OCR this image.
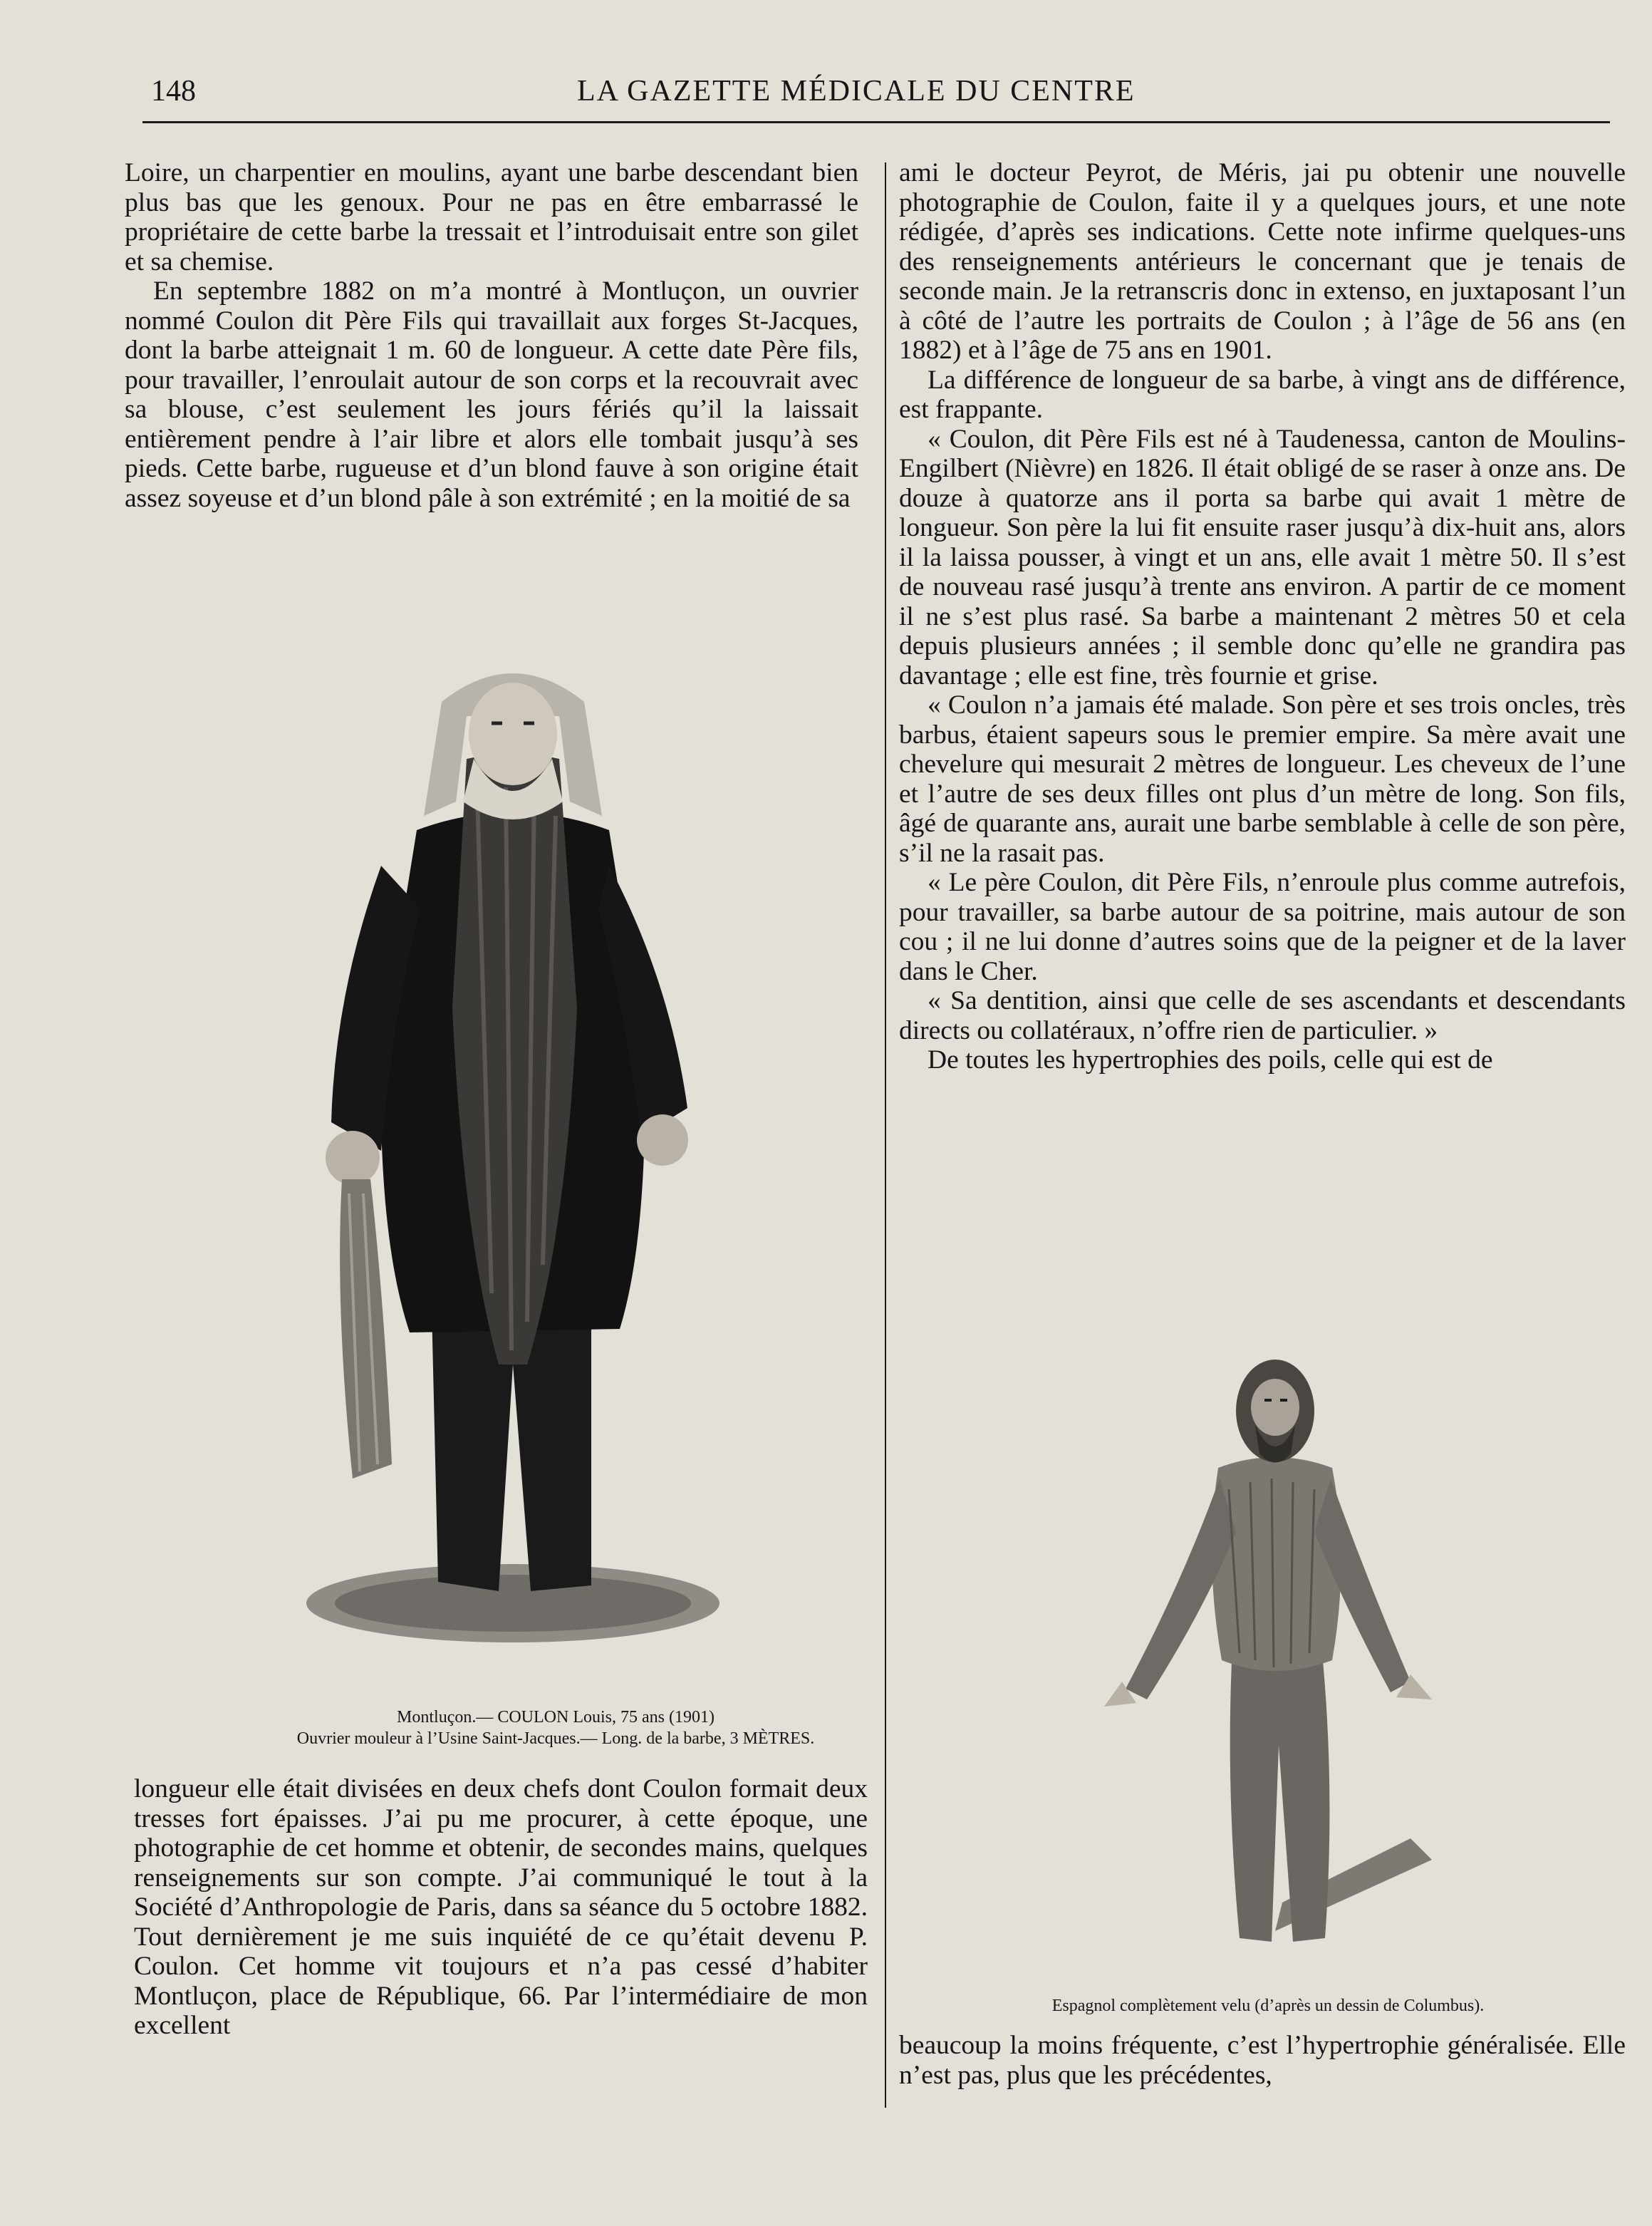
148	LA GAZETTE MÉDICALE DU CENTRE

Loire, un charpentier en moulins, ayant une barbe descendant bien plus bas que les genoux. Pour ne pas en être embarrassé le propriétaire de cette barbe la tressait et l’introduisait entre son gilet et sa chemise.

En septembre 1882 on m’a montré à Montluçon, un ouvrier nommé Coulon dit Père Fils qui travaillait aux forges St-Jacques, dont la barbe atteignait 1 m. 60 de longueur. A cette date Père fils, pour travailler, l’enroulait autour de son corps et la recouvrait avec sa blouse, c’est seulement les jours fériés qu’il la laissait entièrement pendre à l’air libre et alors elle tombait jusqu’à ses pieds. Cette barbe, rugueuse et d’un blond fauve à son origine était assez soyeuse et d’un blond pâle à son extrémité ; en la moitié de sa

Montluçon.— COULON Louis, 75 ans (1901)
Ouvrier mouleur à l’Usine Saint-Jacques.— Long. de la barbe, 3 MÈTRES.

longueur elle était divisées en deux chefs dont Coulon formait deux tresses fort épaisses. J’ai pu me procurer, à cette époque, une photographie de cet homme et obtenir, de secondes mains, quelques renseignements sur son compte. J’ai communiqué le tout à la Société d’Anthropologie de Paris, dans sa séance du 5 octobre 1882. Tout dernièrement je me suis inquiété de ce qu’était devenu P. Coulon. Cet homme vit toujours et n’a pas cessé d’habiter Montluçon, place de République, 66. Par l’intermédiaire de mon excellent

ami le docteur Peyrot, de Méris, jai pu obtenir une nouvelle photographie de Coulon, faite il y a quelques jours, et une note rédigée, d’après ses indications. Cette note infirme quelques-uns des renseignements antérieurs le concernant que je tenais de seconde main. Je la retranscris donc in extenso, en juxtaposant l’un à côté de l’autre les portraits de Coulon ; à l’âge de 56 ans (en 1882) et à l’âge de 75 ans en 1901.

La différence de longueur de sa barbe, à vingt ans de différence, est frappante.

« Coulon, dit Père Fils est né à Taudenessa, canton de Moulins-Engilbert (Nièvre) en 1826. Il était obligé de se raser à onze ans. De douze à quatorze ans il porta sa barbe qui avait 1 mètre de longueur. Son père la lui fit ensuite raser jusqu’à dix-huit ans, alors il la laissa pousser, à vingt et un ans, elle avait 1 mètre 50. Il s’est de nouveau rasé jusqu’à trente ans environ. A partir de ce moment il ne s’est plus rasé. Sa barbe a maintenant 2 mètres 50 et cela depuis plusieurs années ; il semble donc qu’elle ne grandira pas davantage ; elle est fine, très fournie et grise.

« Coulon n’a jamais été malade. Son père et ses trois oncles, très barbus, étaient sapeurs sous le premier empire. Sa mère avait une chevelure qui mesurait 2 mètres de longueur. Les cheveux de l’une et l’autre de ses deux filles ont plus d’un mètre de long. Son fils, âgé de quarante ans, aurait une barbe semblable à celle de son père, s’il ne la rasait pas.

« Le père Coulon, dit Père Fils, n’enroule plus comme autrefois, pour travailler, sa barbe autour de sa poitrine, mais autour de son cou ; il ne lui donne d’autres soins que de la peigner et de la laver dans le Cher.

« Sa dentition, ainsi que celle de ses ascendants et descendants directs ou collatéraux, n’offre rien de particulier. »

De toutes les hypertrophies des poils, celle qui est de

Espagnol complètement velu (d’après un dessin de Columbus).

beaucoup la moins fréquente, c’est l’hypertrophie généralisée. Elle n’est pas, plus que les précédentes,
